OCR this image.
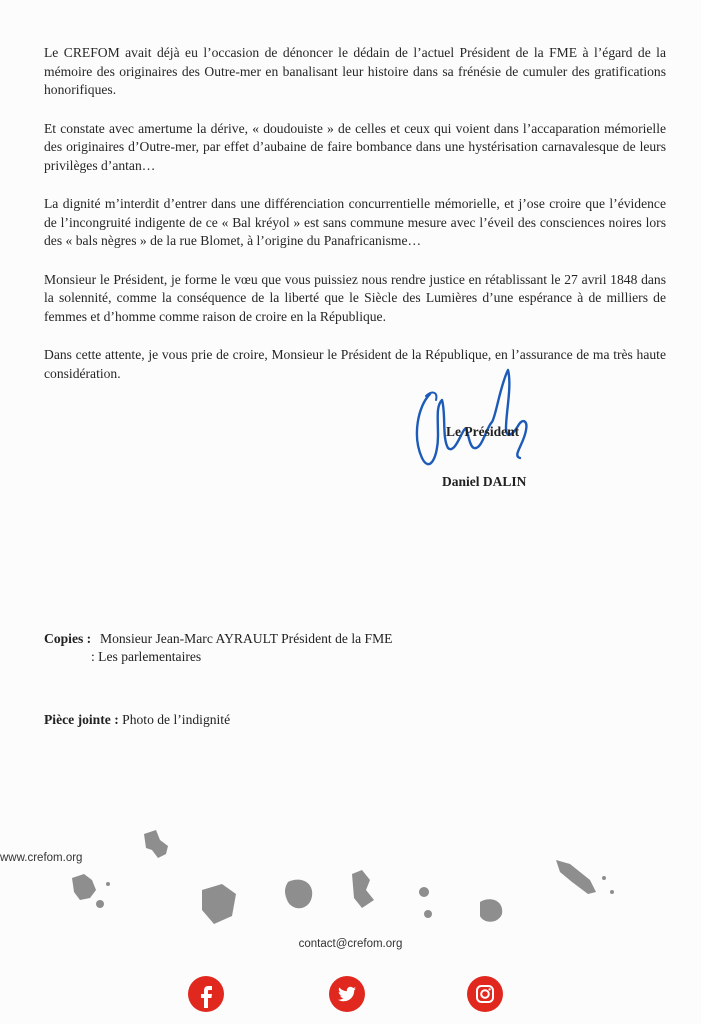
Le CREFOM avait déjà eu l’occasion de dénoncer le dédain de l’actuel Président de la FME à l’égard de la mémoire des originaires des Outre-mer en banalisant leur histoire dans sa frénésie de cumuler des gratifications honorifiques.

Et constate avec amertume la dérive, « doudouiste » de celles et ceux qui voient dans l’accaparation mémorielle des originaires d’Outre-mer, par effet d’aubaine de faire bombance dans une hystérisation carnavalesque de leurs privilèges d’antan…

La dignité m’interdit d’entrer dans une différenciation concurrentielle mémorielle, et j’ose croire que l’évidence de l’incongruité indigente de ce « Bal kréyol » est sans commune mesure avec l’éveil des consciences noires lors des « bals nègres » de la rue Blomet, à l’origine du Panafricanisme…

Monsieur le Président, je forme le vœu que vous puissiez nous rendre justice en rétablissant le 27 avril 1848 dans la solennité, comme la conséquence de la liberté que le Siècle des Lumières d’une espérance à de milliers de femmes et d’homme comme raison de croire en la République.

Dans cette attente, je vous prie de croire, Monsieur le Président de la République, en l’assurance de ma très haute considération.

Le Président
Daniel DALIN
Copies : Monsieur Jean-Marc AYRAULT Président de la FME
: Les parlementaires
Pièce jointe : Photo de l’indignité
www.crefom.org
contact@crefom.org
